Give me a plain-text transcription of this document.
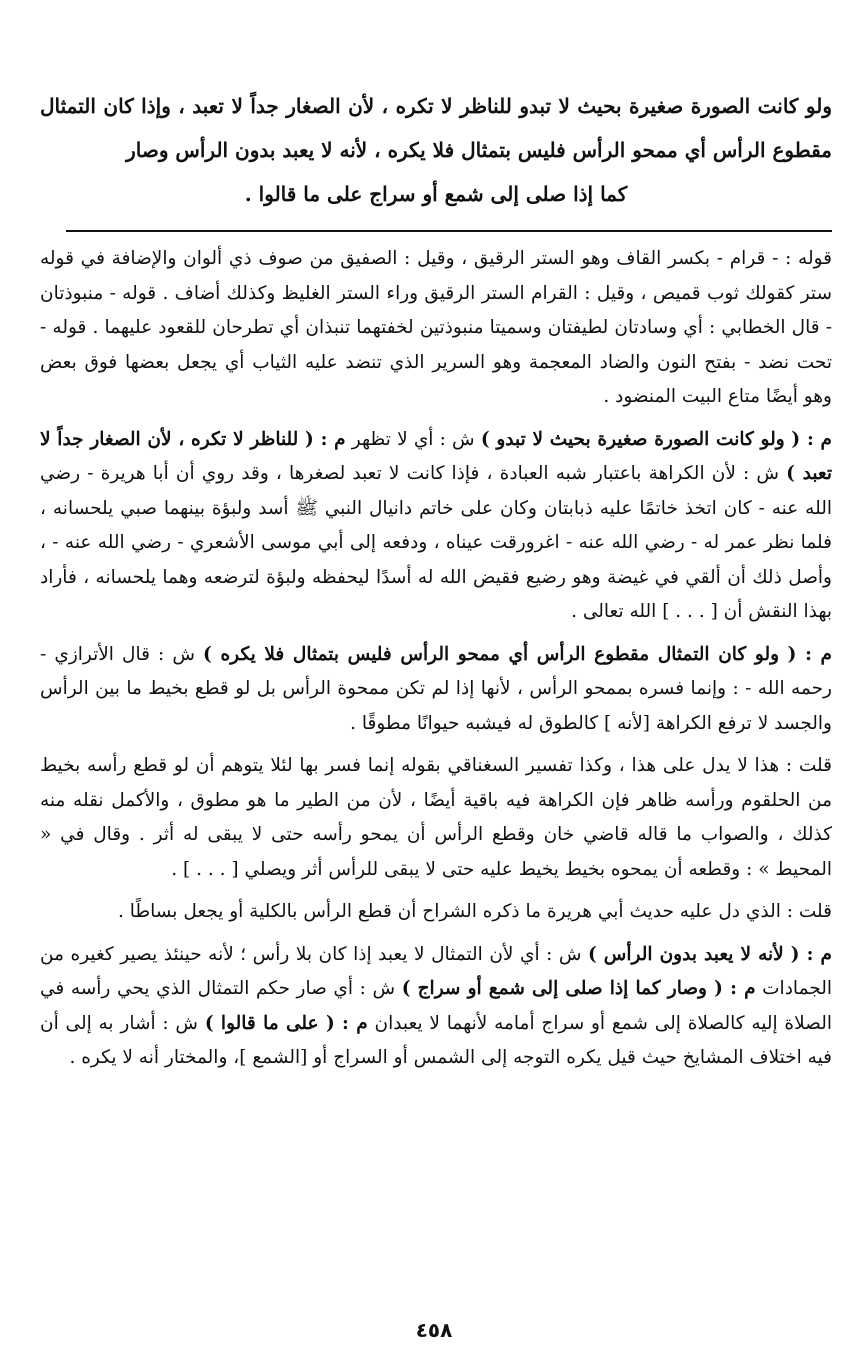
ولو كانت الصورة صغيرة بحيث لا تبدو للناظر لا تكره ، لأن الصغار جداً لا تعبد ، وإذا كان التمثال مقطوع الرأس أي ممحو الرأس فليس بتمثال فلا يكره ، لأنه لا يعبد بدون الرأس وصار
كما إذا صلى إلى شمع أو سراج على ما قالوا .

قوله : - قرام - بكسر القاف وهو الستر الرقيق ، وقيل : الصفيق من صوف ذي ألوان والإضافة في قوله ستر كقولك ثوب قميص ، وقيل : القرام الستر الرقيق وراء الستر الغليظ وكذلك أضاف . قوله - منبوذتان - قال الخطابي : أي وسادتان لطيفتان وسميتا منبوذتين لخفتهما تنبذان أي تطرحان للقعود عليهما . قوله - تحت نضد - بفتح النون والضاد المعجمة وهو السرير الذي تنضد عليه الثياب أي يجعل بعضها فوق بعض وهو أيضًا متاع البيت المنضود .

م : ( ولو كانت الصورة صغيرة بحيث لا تبدو ) ش : أي لا تظهر م : ( للناظر لا تكره ، لأن الصغار جداً لا تعبد ) ش : لأن الكراهة باعتبار شبه العبادة ، فإذا كانت لا تعبد لصغرها ، وقد روي أن أبا هريرة - رضي الله عنه - كان اتخذ خاتمًا عليه ذبابتان وكان على خاتم دانيال النبي ﷺ أسد ولبؤة بينهما صبي يلحسانه ، فلما نظر عمر له - رضي الله عنه - اغرورقت عيناه ، ودفعه إلى أبي موسى الأشعري - رضي الله عنه - ، وأصل ذلك أن ألقي في غيضة وهو رضيع فقيض الله له أسدًا ليحفظه ولبؤة لترضعه وهما يلحسانه ، فأراد بهذا النقش أن [ . . . ] الله تعالى .

م : ( ولو كان التمثال مقطوع الرأس أي ممحو الرأس فليس بتمثال فلا يكره ) ش : قال الأترازي - رحمه الله - : وإنما فسره بممحو الرأس ، لأنها إذا لم تكن ممحوة الرأس بل لو قطع بخيط ما بين الرأس والجسد لا ترفع الكراهة [لأنه ] كالطوق له فيشبه حيوانًا مطوقًا .

قلت : هذا لا يدل على هذا ، وكذا تفسير السغناقي بقوله إنما فسر بها لئلا يتوهم أن لو قطع رأسه بخيط من الحلقوم ورأسه ظاهر فإن الكراهة فيه باقية أيضًا ، لأن من الطير ما هو مطوق ، والأكمل نقله منه كذلك ، والصواب ما قاله قاضي خان وقطع الرأس أن يمحو رأسه حتى لا يبقى له أثر . وقال في « المحيط » : وقطعه أن يمحوه بخيط يخيط عليه حتى لا يبقى للرأس أثر ويصلي [ . . . ] .

قلت : الذي دل عليه حديث أبي هريرة ما ذكره الشراح أن قطع الرأس بالكلية أو يجعل بساطًا .

م : ( لأنه لا يعبد بدون الرأس ) ش : أي لأن التمثال لا يعبد إذا كان بلا رأس ؛ لأنه حينئذ يصير كغيره من الجمادات م : ( وصار كما إذا صلى إلى شمع أو سراج ) ش : أي صار حكم التمثال الذي يحي رأسه في الصلاة إليه كالصلاة إلى شمع أو سراج أمامه لأنهما لا يعبدان م : ( على ما قالوا ) ش : أشار به إلى أن فيه اختلاف المشايخ حيث قيل يكره التوجه إلى الشمس أو السراج أو [الشمع ]، والمختار أنه لا يكره .

٤٥٨
